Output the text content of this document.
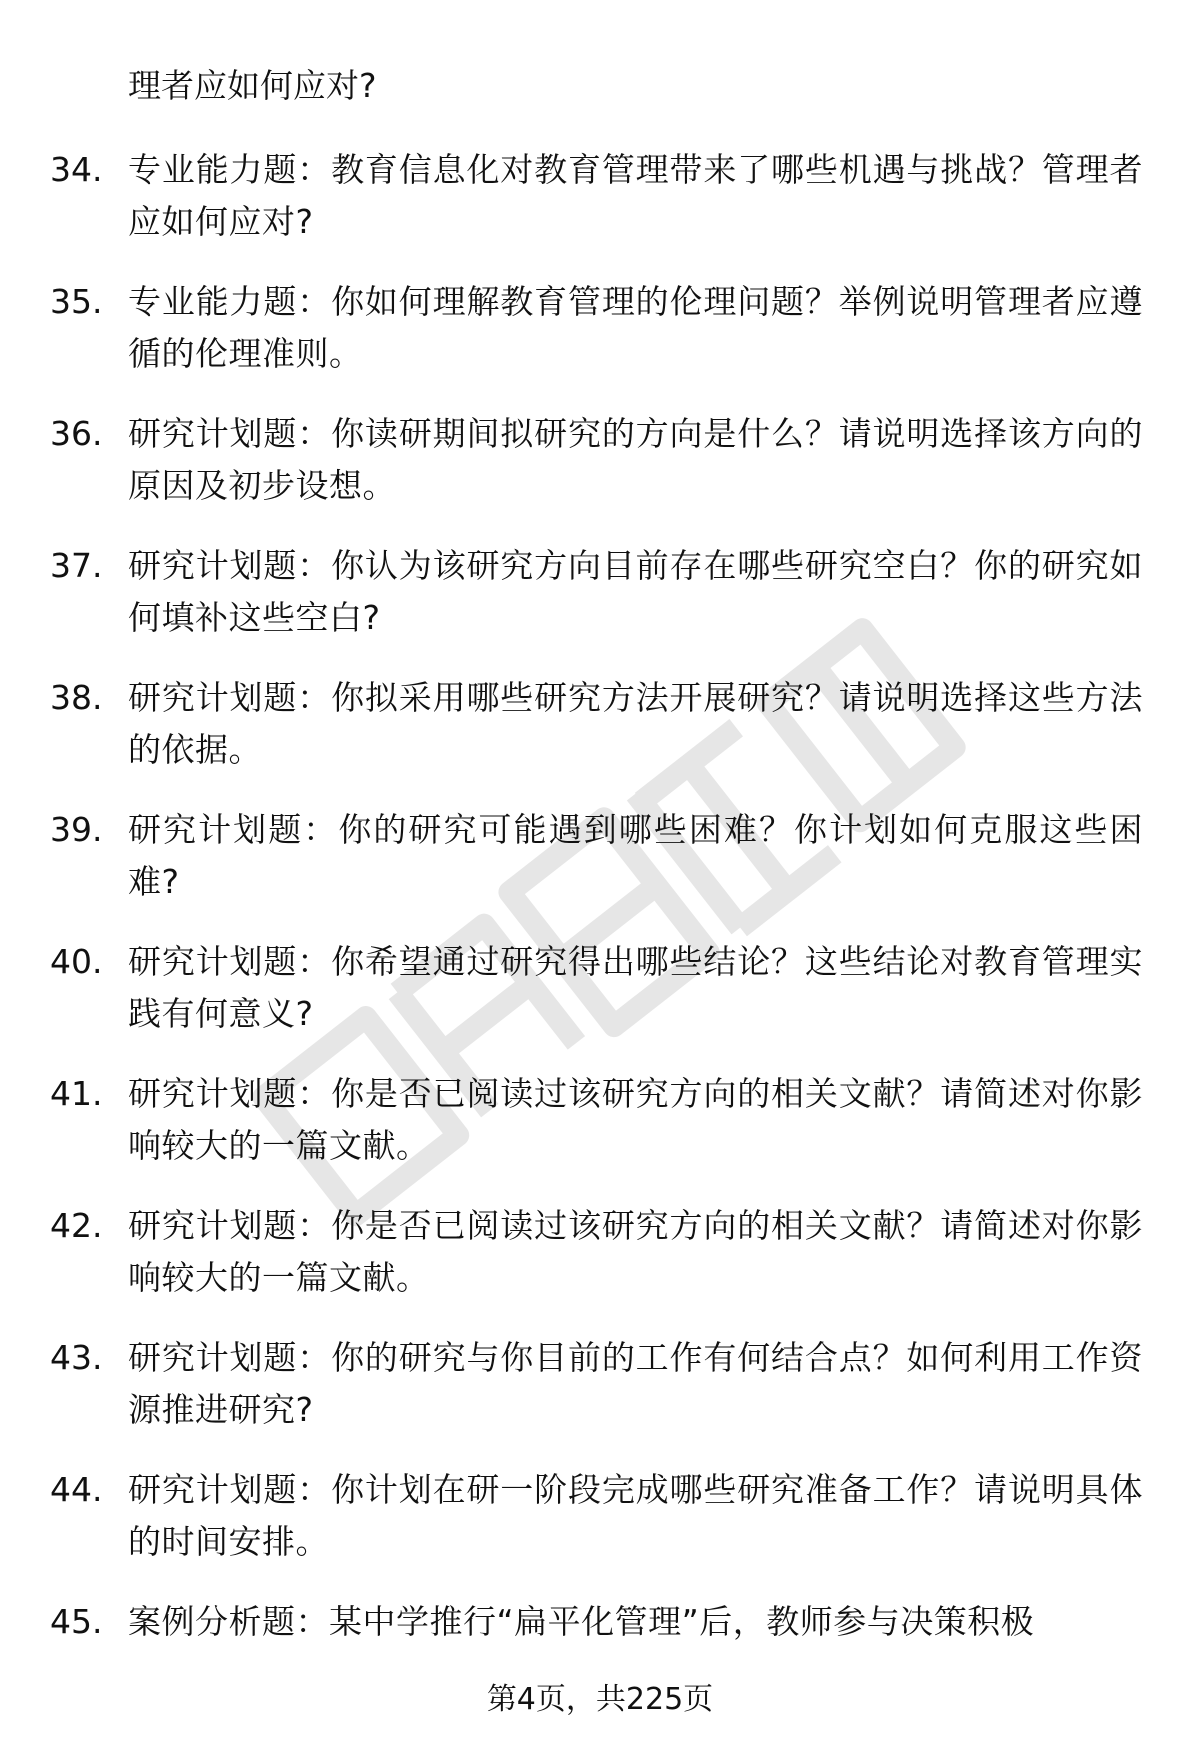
理者应如何应对?
34. 专业能力题：教育信息化对教育管理带来了哪些机遇与挑战？管理者应如何应对?
35. 专业能力题：你如何理解教育管理的伦理问题？举例说明管理者应遵循的伦理准则。
36. 研究计划题：你读研期间拟研究的方向是什么？请说明选择该方向的原因及初步设想。
37. 研究计划题：你认为该研究方向目前存在哪些研究空白？你的研究如何填补这些空白?
38. 研究计划题：你拟采用哪些研究方法开展研究？请说明选择这些方法的依据。
39. 研究计划题：你的研究可能遇到哪些困难？你计划如何克服这些困难?
40. 研究计划题：你希望通过研究得出哪些结论？这些结论对教育管理实践有何意义?
41. 研究计划题：你是否已阅读过该研究方向的相关文献？请简述对你影响较大的一篇文献。
42. 研究计划题：你是否已阅读过该研究方向的相关文献？请简述对你影响较大的一篇文献。
43. 研究计划题：你的研究与你目前的工作有何结合点？如何利用工作资源推进研究?
44. 研究计划题：你计划在研一阶段完成哪些研究准备工作？请说明具体的时间安排。
45. 案例分析题：某中学推行“扁平化管理”后，教师参与决策积极
第4页，共225页
